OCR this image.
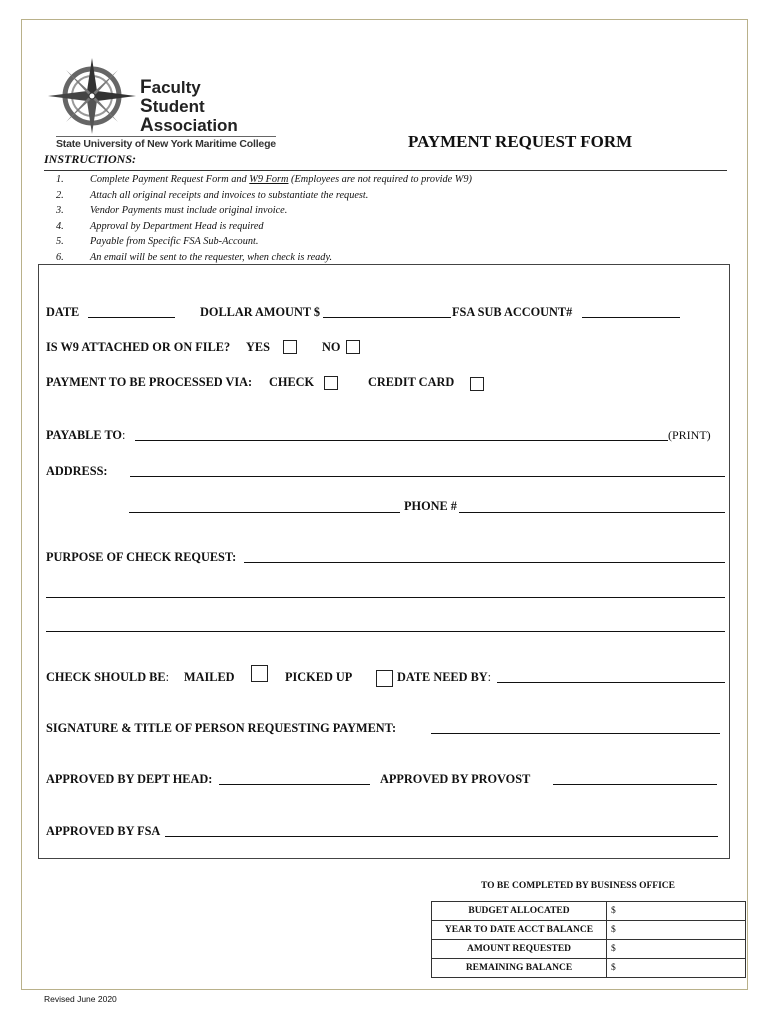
Faculty
Student
Association
State University of New York Maritime College	PAYMENT REQUEST FORM
INSTRUCTIONS:
1.	Complete Payment Request Form and W9 Form (Employees are not required to provide W9)
2.	Attach all original receipts and invoices to substantiate the request.
3.	Vendor Payments must include original invoice.
4.	Approval by Department Head is required
5.	Payable from Specific FSA Sub-Account.
6.	An email will be sent to the requester, when check is ready.
DATE	DOLLAR AMOUNT $	FSA SUB ACCOUNT#
IS W9 ATTACHED OR ON FILE? YES	NO
PAYMENT TO BE PROCESSED VIA: CHECK	CREDIT CARD
PAYABLE TO:	(PRINT)
ADDRESS:
PHONE #
PURPOSE OF CHECK REQUEST:
CHECK SHOULD BE: MAILED	PICKED UP	DATE NEED BY:
SIGNATURE & TITLE OF PERSON REQUESTING PAYMENT:
APPROVED BY DEPT HEAD:	APPROVED BY PROVOST
APPROVED BY FSA
TO BE COMPLETED BY BUSINESS OFFICE
BUDGET ALLOCATED	$
YEAR TO DATE ACCT BALANCE	$
AMOUNT REQUESTED	$
REMAINING BALANCE	$
Revised June 2020
